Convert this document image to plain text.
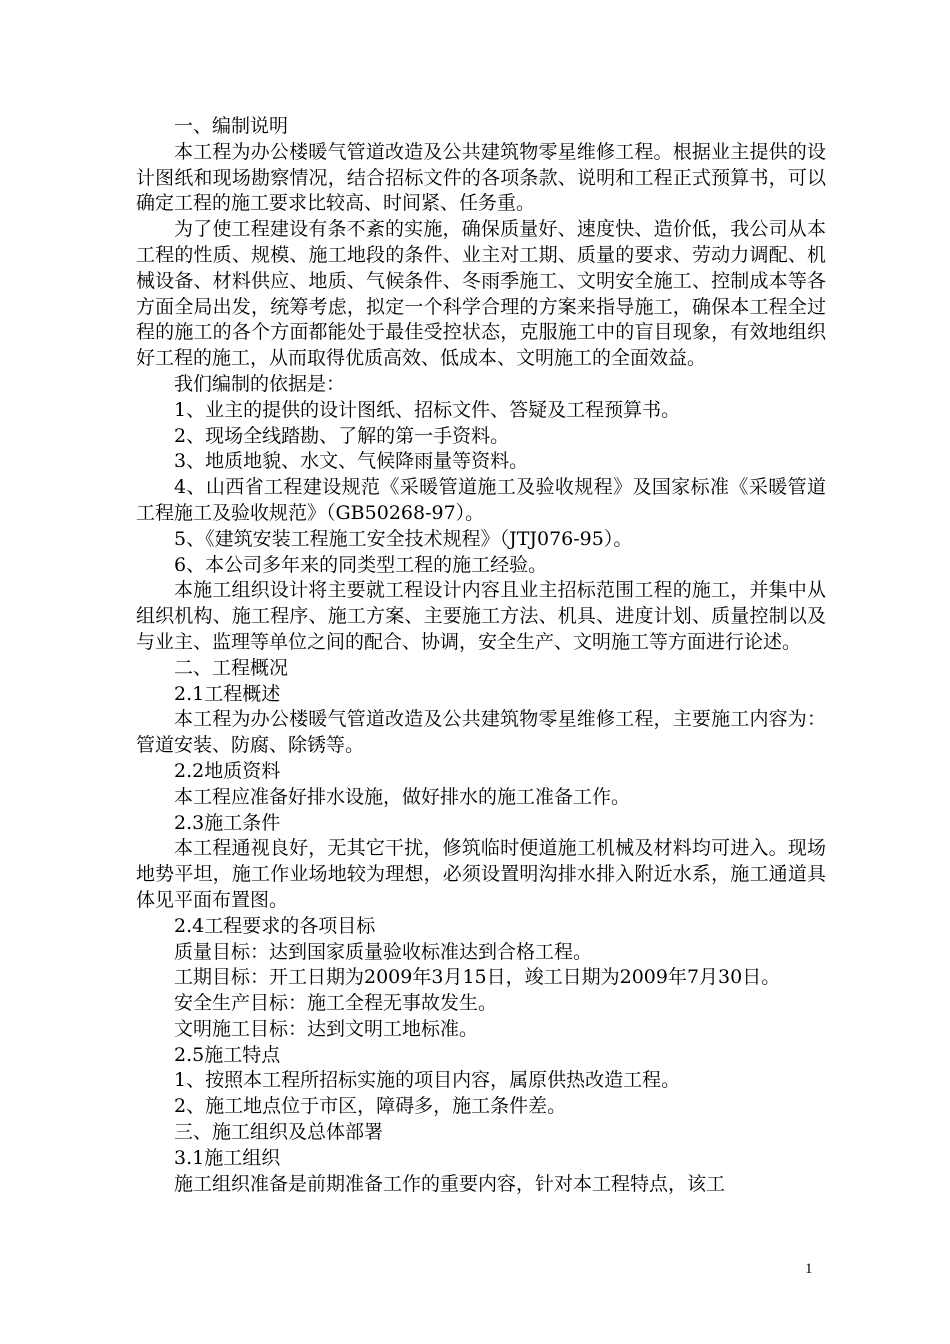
一、编制说明

本工程为办公楼暖气管道改造及公共建筑物零星维修工程。根据业主提供的设计图纸和现场勘察情况，结合招标文件的各项条款、说明和工程正式预算书，可以确定工程的施工要求比较高、时间紧、任务重。

为了使工程建设有条不紊的实施，确保质量好、速度快、造价低，我公司从本工程的性质、规模、施工地段的条件、业主对工期、质量的要求、劳动力调配、机械设备、材料供应、地质、气候条件、冬雨季施工、文明安全施工、控制成本等各方面全局出发，统筹考虑，拟定一个科学合理的方案来指导施工，确保本工程全过程的施工的各个方面都能处于最佳受控状态，克服施工中的盲目现象，有效地组织好工程的施工，从而取得优质高效、低成本、文明施工的全面效益。

我们编制的依据是：

1、业主的提供的设计图纸、招标文件、答疑及工程预算书。

2、现场全线踏勘、了解的第一手资料。

3、地质地貌、水文、气候降雨量等资料。

4、山西省工程建设规范《采暖管道施工及验收规程》及国家标准《采暖管道工程施工及验收规范》（GB50268-97）。

5、《建筑安装工程施工安全技术规程》（JTJ076-95）。

6、本公司多年来的同类型工程的施工经验。

本施工组织设计将主要就工程设计内容且业主招标范围工程的施工，并集中从组织机构、施工程序、施工方案、主要施工方法、机具、进度计划、质量控制以及与业主、监理等单位之间的配合、协调，安全生产、文明施工等方面进行论述。

二、工程概况

2.1工程概述

本工程为办公楼暖气管道改造及公共建筑物零星维修工程，主要施工内容为：管道安装、防腐、除锈等。

2.2地质资料

本工程应准备好排水设施，做好排水的施工准备工作。

2.3施工条件

本工程通视良好，无其它干扰，修筑临时便道施工机械及材料均可进入。现场地势平坦，施工作业场地较为理想，必须设置明沟排水排入附近水系，施工通道具体见平面布置图。

2.4工程要求的各项目标

质量目标：达到国家质量验收标准达到合格工程。

工期目标：开工日期为2009年3月15日，竣工日期为2009年7月30日。

安全生产目标：施工全程无事故发生。

文明施工目标：达到文明工地标准。

2.5施工特点

1、按照本工程所招标实施的项目内容，属原供热改造工程。

2、施工地点位于市区，障碍多，施工条件差。

三、施工组织及总体部署

3.1施工组织

施工组织准备是前期准备工作的重要内容，针对本工程特点，该工

1
